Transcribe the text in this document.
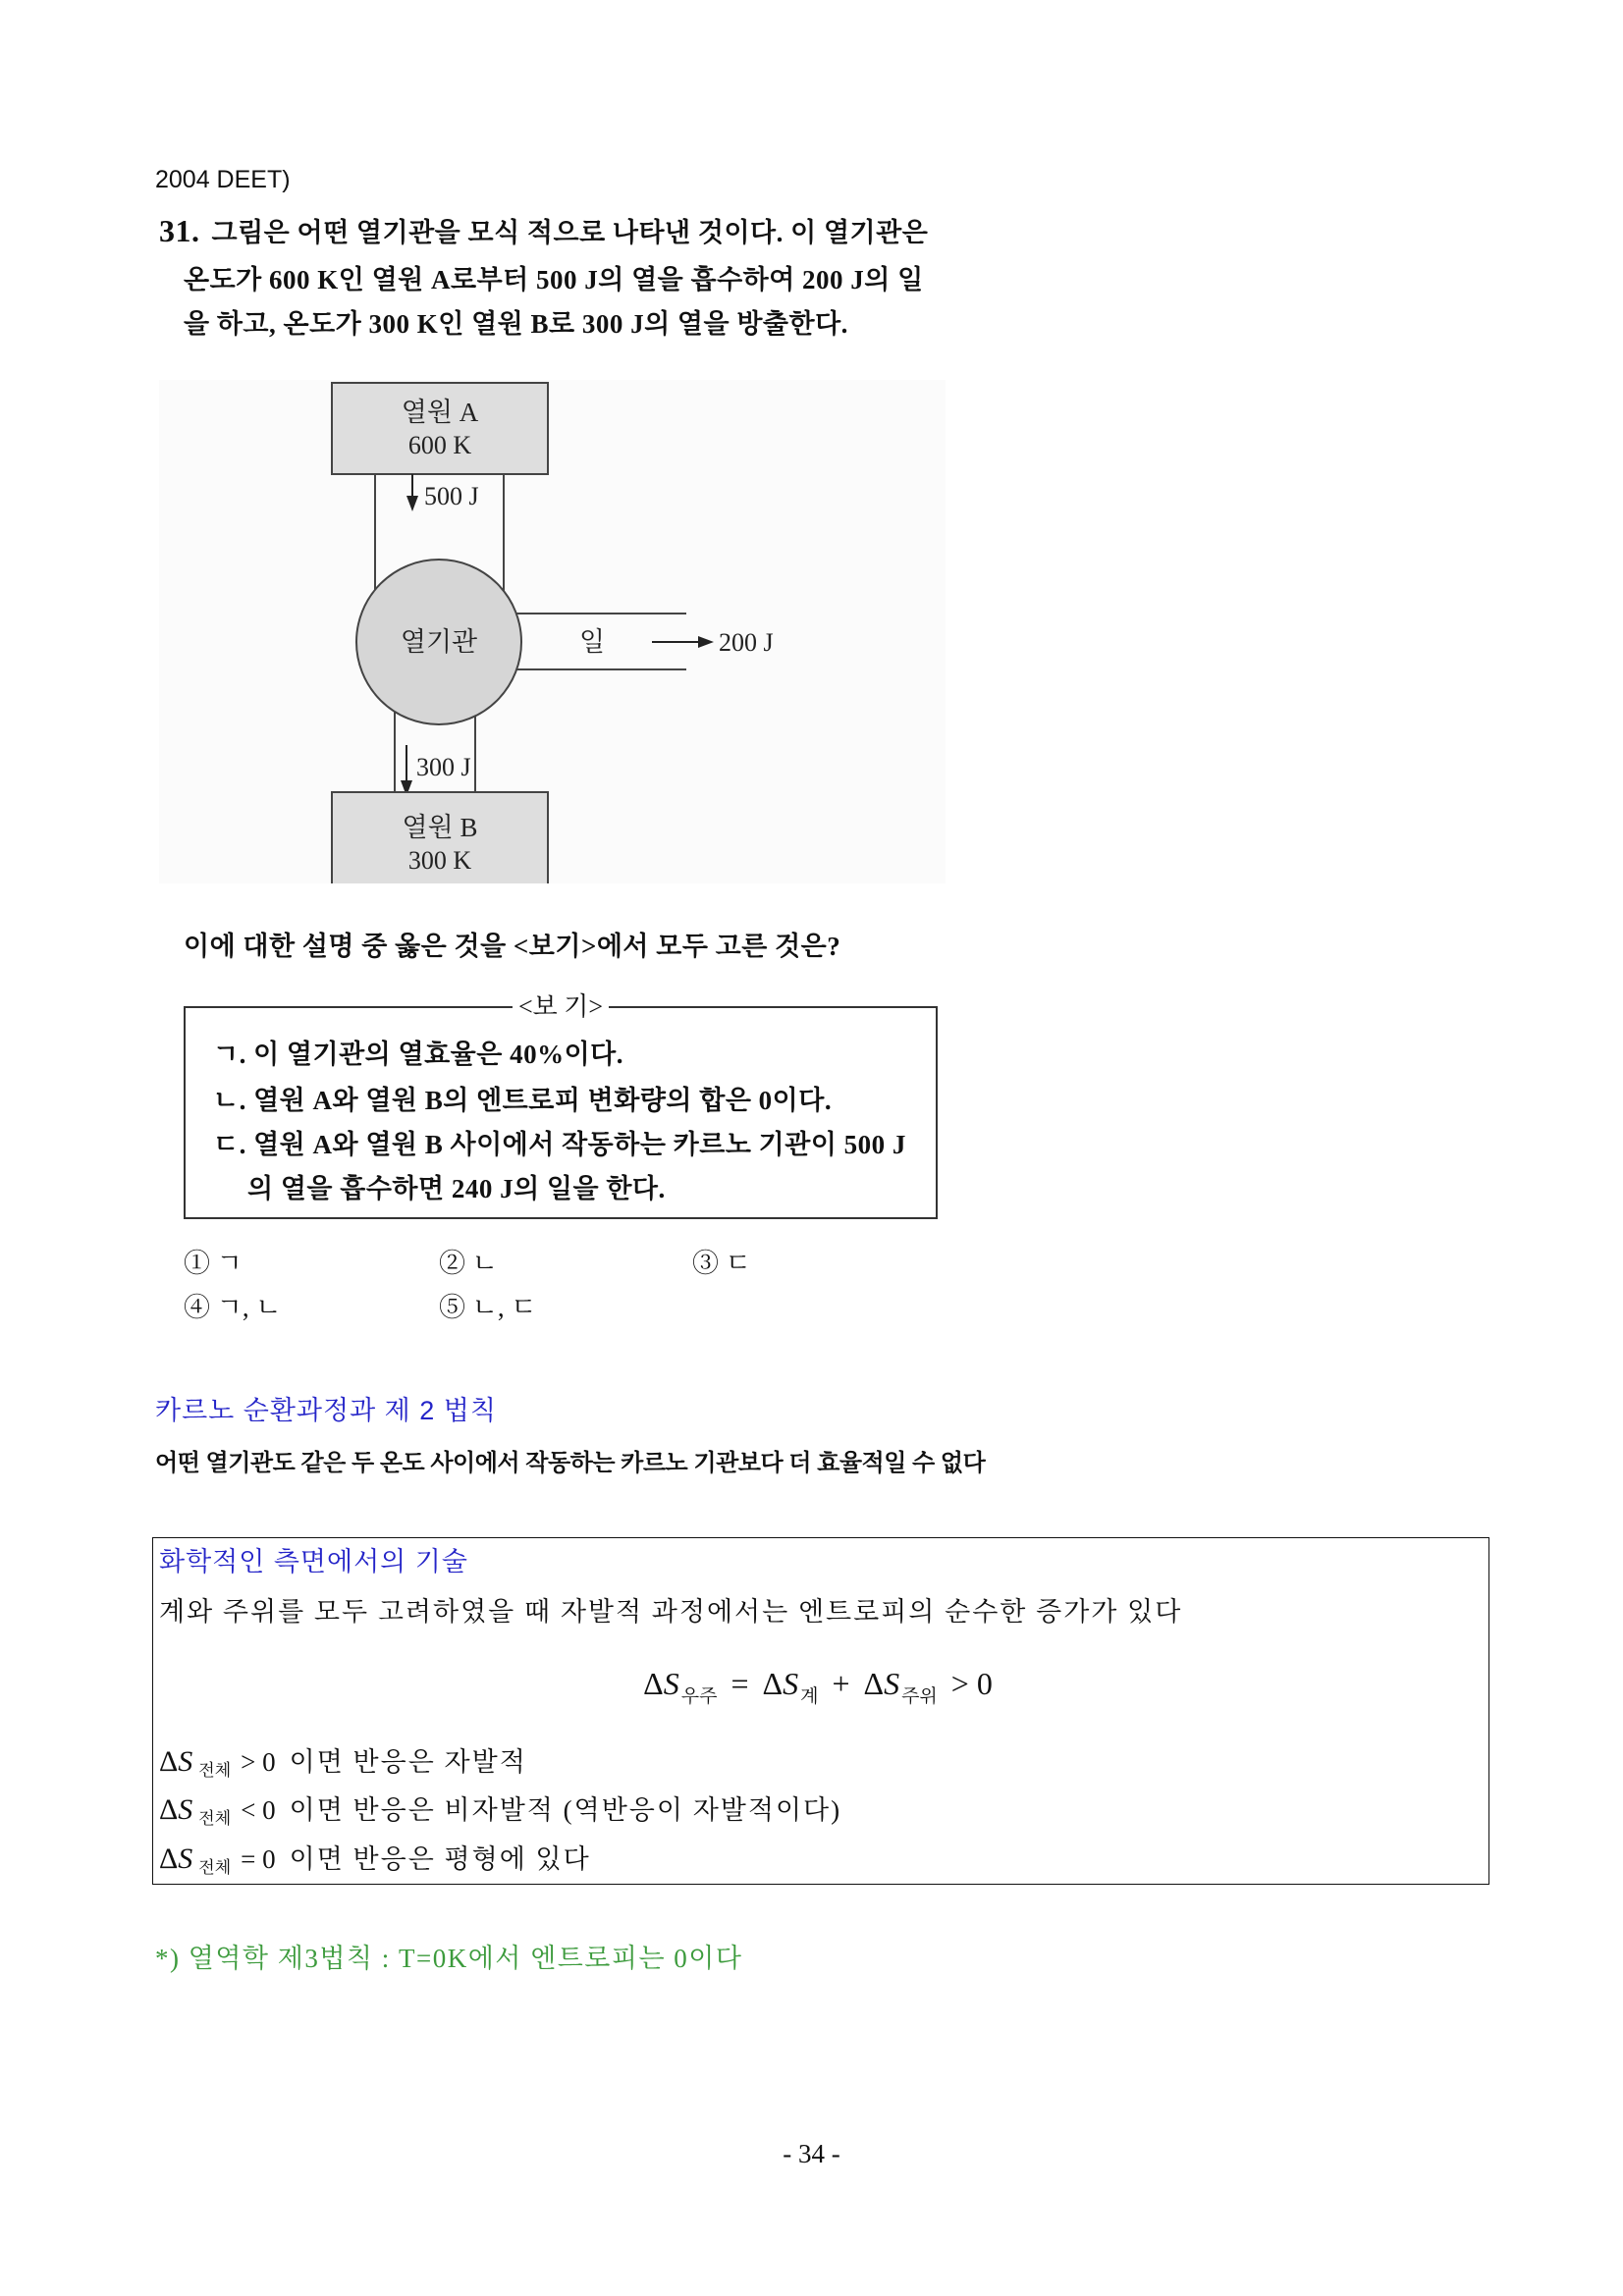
2004 DEET)
31. 그림은 어떤 열기관을 모식 적으로 나타낸 것이다. 이 열기관은
온도가 600 K인 열원 A로부터 500 J의 열을 흡수하여 200 J의 일
을 하고, 온도가 300 K인 열원 B로 300 J의 열을 방출한다.
열원 A
600 K
500 J
열기관	일	200 J
300 J
열원 B
300 K
이에 대한 설명 중 옳은 것을 <보기>에서 모두 고른 것은?
<보 기>
ㄱ. 이 열기관의 열효율은 40%이다.
ㄴ. 열원 A와 열원 B의 엔트로피 변화량의 합은 0이다.
ㄷ. 열원 A와 열원 B 사이에서 작동하는 카르노 기관이 500 J
의 열을 흡수하면 240 J의 일을 한다.
① ㄱ	② ㄴ	③ ㄷ
④ ㄱ, ㄴ	⑤ ㄴ, ㄷ
카르노 순환과정과 제 2 법칙
어떤 열기관도 같은 두 온도 사이에서 작동하는 카르노 기관보다 더 효율적일 수 없다
화학적인 측면에서의 기술
계와 주위를 모두 고려하였을 때 자발적 과정에서는 엔트로피의 순수한 증가가 있다
ΔS $_{우주}$ = ΔS $_계$ + ΔS $_{주위}$ > 0
ΔS 전체 > 0 이면 반응은 자발적
ΔS 전체 < 0 이면 반응은 비자발적 (역반응이 자발적이다)
ΔS 전체 = 0 이면 반응은 평형에 있다
*) 열역학 제3법칙 : T=0K에서 엔트로피는 0이다
- 34 -
